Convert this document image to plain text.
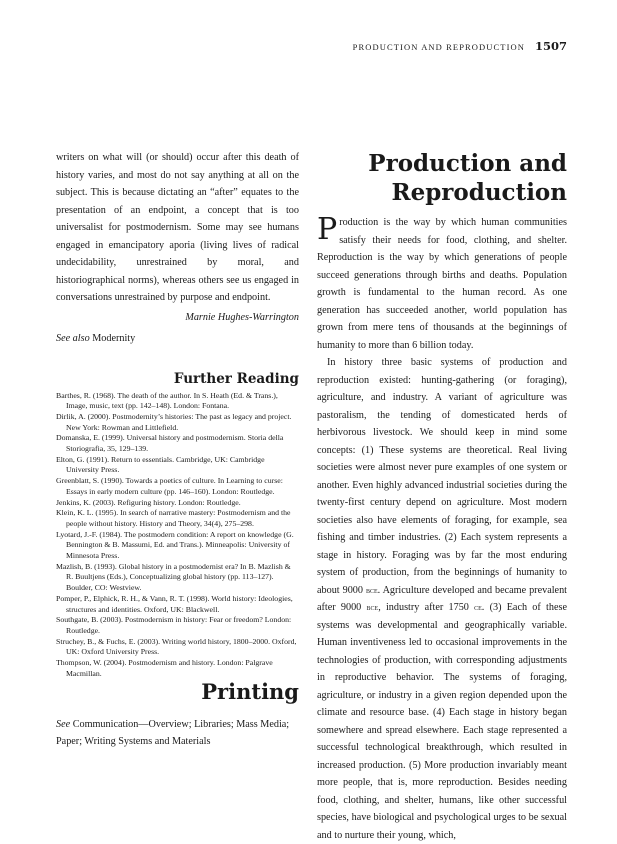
PRODUCTION AND REPRODUCTION 1507

writers on what will (or should) occur after this death of history varies, and most do not say anything at all on the subject. This is because dictating an “after” equates to the presentation of an endpoint, a concept that is too universalist for postmodernism. Some may see humans engaged in emancipatory aporia (living lives of radical undecidability, unrestrained by moral, and historiographical norms), whereas others see us engaged in conversations unrestrained by purpose and endpoint.

Marnie Hughes-Warrington
See also Modernity
Further Reading
Barthes, R. (1968). The death of the author. In S. Heath (Ed. & Trans.), Image, music, text (pp. 142–148). London: Fontana.
Dirlik, A. (2000). Postmodernity’s histories: The past as legacy and project. New York: Rowman and Littlefield.
Domanska, E. (1999). Universal history and postmodernism. Storia della Storiografia, 35, 129–139.
Elton, G. (1991). Return to essentials. Cambridge, UK: Cambridge University Press.
Greenblatt, S. (1990). Towards a poetics of culture. In Learning to curse: Essays in early modern culture (pp. 146–160). London: Routledge.
Jenkins, K. (2003). Refiguring history. London: Routledge.
Klein, K. L. (1995). In search of narrative mastery: Postmodernism and the people without history. History and Theory, 34(4), 275–298.
Lyotard, J.-F. (1984). The postmodern condition: A report on knowledge (G. Bennington & B. Massumi, Ed. and Trans.). Minneapolis: University of Minnesota Press.
Mazlish, B. (1993). Global history in a postmodernist era? In B. Mazlish & R. Buultjens (Eds.), Conceptualizing global history (pp. 113–127). Boulder, CO: Westview.
Pomper, P., Elphick, R. H., & Vann, R. T. (1998). World history: Ideologies, structures and identities. Oxford, UK: Blackwell.
Southgate, B. (2003). Postmodernism in history: Fear or freedom? London: Routledge.
Struchey, B., & Fuchs, E. (2003). Writing world history, 1800–2000. Oxford, UK: Oxford University Press.
Thompson, W. (2004). Postmodernism and history. London: Palgrave Macmillan.
Printing
See Communication—Overview; Libraries; Mass Media; Paper; Writing Systems and Materials
Production and
Reproduction

Production is the way by which human communities satisfy their needs for food, clothing, and shelter. Reproduction is the way by which generations of people succeed generations through births and deaths. Population growth is fundamental to the human record. As one generation has succeeded another, world population has grown from mere tens of thousands at the beginnings of humanity to more than 6 billion today.

In history three basic systems of production and reproduction existed: hunting-gathering (or foraging), agriculture, and industry. A variant of agriculture was pastoralism, the tending of domesticated herds of herbivorous livestock. We should keep in mind some concepts: (1) These systems are theoretical. Real living societies were almost never pure examples of one system or another. Even highly advanced industrial societies during the twenty-first century depend on agriculture. Most modern societies also have elements of foraging, for example, sea fishing and timber industries. (2) Each system represents a stage in history. Foraging was by far the most enduring system of production, from the beginnings of humanity to about 9000 bce. Agriculture developed and became prevalent after 9000 bce, industry after 1750 ce. (3) Each of these systems was developmental and geographically variable. Human inventiveness led to occasional improvements in the technologies of production, with corresponding adjustments in reproductive behavior. The systems of foraging, agriculture, or industry in a given region depended upon the climate and resource base. (4) Each stage in history began somewhere and spread elsewhere. Each stage represented a successful technological breakthrough, which resulted in increased production. (5) More production invariably meant more people, that is, more reproduction. Besides needing food, clothing, and shelter, humans, like other successful species, have biological and psychological urges to be sexual and to nurture their young, which,
